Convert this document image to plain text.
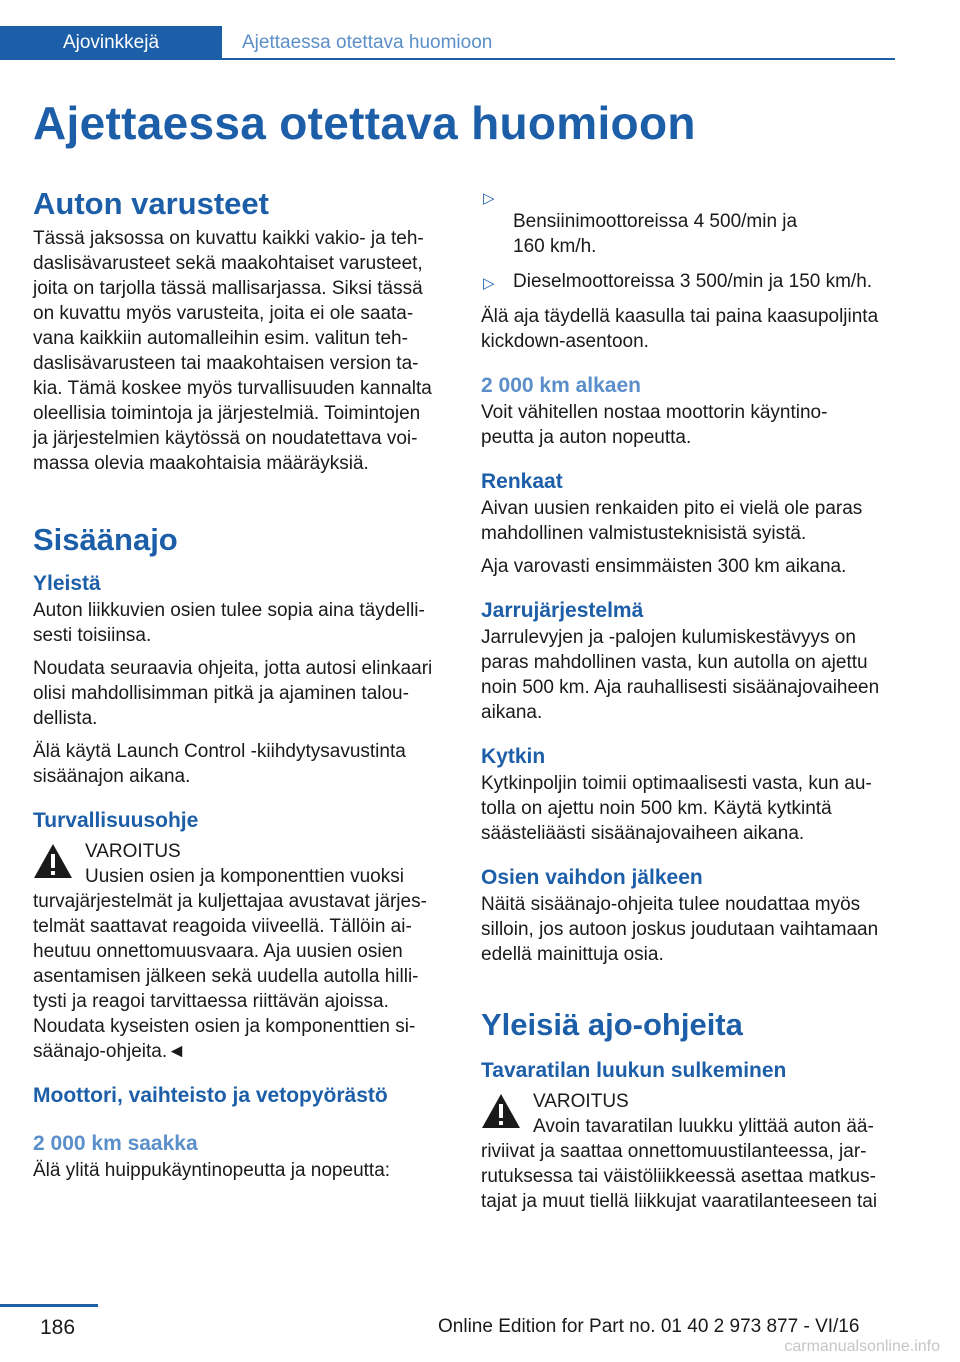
Ajovinkkejä	Ajettaessa otettava huomioon
Ajettaessa otettava huomioon
Auton varusteet
Tässä jaksossa on kuvattu kaikki vakio- ja teh-
daslisävarusteet sekä maakohtaiset varusteet,
joita on tarjolla tässä mallisarjassa. Siksi tässä
on kuvattu myös varusteita, joita ei ole saata-
vana kaikkiin automalleihin esim. valitun teh-
daslisävarusteen tai maakohtaisen version ta-
kia. Tämä koskee myös turvallisuuden kannalta
oleellisia toimintoja ja järjestelmiä. Toimintojen
ja järjestelmien käytössä on noudatettava voi-
massa olevia maakohtaisia määräyksiä.
Sisäänajo
Yleistä
Auton liikkuvien osien tulee sopia aina täydelli-
sesti toisiinsa.
Noudata seuraavia ohjeita, jotta autosi elinkaari
olisi mahdollisimman pitkä ja ajaminen talou-
dellista.
Älä käytä Launch Control -kiihdytysavustinta
sisäänajon aikana.
Turvallisuusohje
VAROITUS
Uusien osien ja komponenttien vuoksi
turvajärjestelmät ja kuljettajaa avustavat järjes-
telmät saattavat reagoida viiveellä. Tällöin ai-
heutuu onnettomuusvaara. Aja uusien osien
asentamisen jälkeen sekä uudella autolla hilli-
tysti ja reagoi tarvittaessa riittävän ajoissa.
Noudata kyseisten osien ja komponenttien si-
säänajo-ohjeita.◄
Moottori, vaihteisto ja vetopyörästö
2 000 km saakka
Älä ylitä huippukäyntinopeutta ja nopeutta:

▷
Bensiinimoottoreissa 4 500/min ja
160 km/h.

▷ Dieselmoottoreissa 3 500/min ja 150 km/h.
Älä aja täydellä kaasulla tai paina kaasupoljinta
kickdown-asentoon.
2 000 km alkaen
Voit vähitellen nostaa moottorin käyntino-
peutta ja auton nopeutta.
Renkaat
Aivan uusien renkaiden pito ei vielä ole paras
mahdollinen valmistusteknisistä syistä.
Aja varovasti ensimmäisten 300 km aikana.
Jarrujärjestelmä
Jarrulevyjen ja -palojen kulumiskestävyys on
paras mahdollinen vasta, kun autolla on ajettu
noin 500 km. Aja rauhallisesti sisäänajovaiheen
aikana.
Kytkin
Kytkinpoljin toimii optimaalisesti vasta, kun au-
tolla on ajettu noin 500 km. Käytä kytkintä
säästeliäästi sisäänajovaiheen aikana.
Osien vaihdon jälkeen
Näitä sisäänajo-ohjeita tulee noudattaa myös
silloin, jos autoon joskus joudutaan vaihtamaan
edellä mainittuja osia.
Yleisiä ajo-ohjeita
Tavaratilan luukun sulkeminen
VAROITUS
Avoin tavaratilan luukku ylittää auton ää-
riviivat ja saattaa onnettomuustilanteessa, jar-
rutuksessa tai väistöliikkeessä asettaa matkus-
tajat ja muut tiellä liikkujat vaaratilanteeseen tai
186	Online Edition for Part no. 01 40 2 973 877 - VI/16
carmanualsonline.info
